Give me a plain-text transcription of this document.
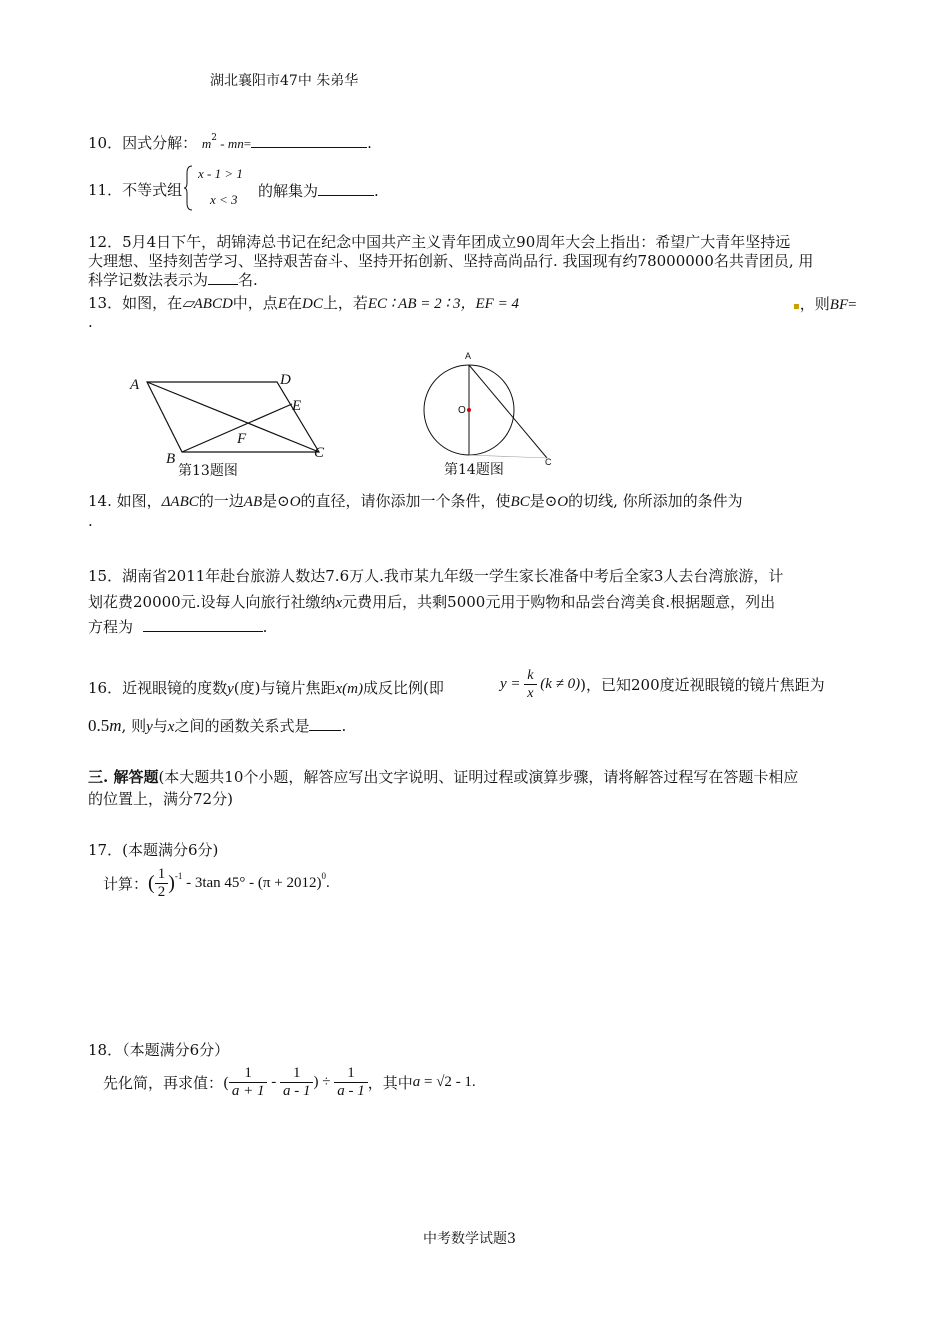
湖北襄阳市47中 朱弟华
10．因式分解： $m^2 - mn=$	.
11．不等式组
x - 1 > 1
x < 3 的解集为	.
12．5月4日下午，胡锦涛总书记在纪念中国共产主义青年团成立90周年大会上指出：希望广大青年坚持远
大理想、坚持刻苦学习、坚持艰苦奋斗、坚持开拓创新、坚持高尚品行. 我国现有约78000000名共青团员, 用
科学记数法表示为 名.
13．如图，在▱ABCD中，点E在DC上，若EC ∶ AB = 2 ∶ 3，EF = 4	▪，则BF=
.
A	D
E
F
B	C
第13题图
A
O
C
第14题图
14. 如图，ΔABC的一边AB是⊙O的直径，请你添加一个条件，使BC是⊙O的切线, 你所添加的条件为
.
15．湖南省2011年赴台旅游人数达7.6万人.我市某九年级一学生家长准备中考后全家3人去台湾旅游，计
划花费20000元.设每人向旅行社缴纳x元费用后，共剩5000元用于购物和品尝台湾美食.根据题意，列出
方程为	.
16．近视眼镜的度数y(度)与镜片焦距x(m)成反比例(即	$y = \frac{k}{x} (k \ne 0)$)，已知200度近视眼镜的镜片焦距为
0.5m, 则y与x之间的函数关系式是 .
三. 解答题(本大题共10个小题，解答应写出文字说明、证明过程或演算步骤，请将解答过程写在答题卡相应
的位置上，满分72分)
17．(本题满分6分)
计算：( $\frac{1}{2} )^{-1} - 3\tan$ $45^\circ - (\pi + 2012)^0$.
18．（本题满分6分）
先化简，再求值：( $\frac{1}{a + 1} - \frac{1}{a - 1}$ ) ÷ $\frac{1}{a - 1}$ ，其中a = √2 - 1.
中考数学试题3
